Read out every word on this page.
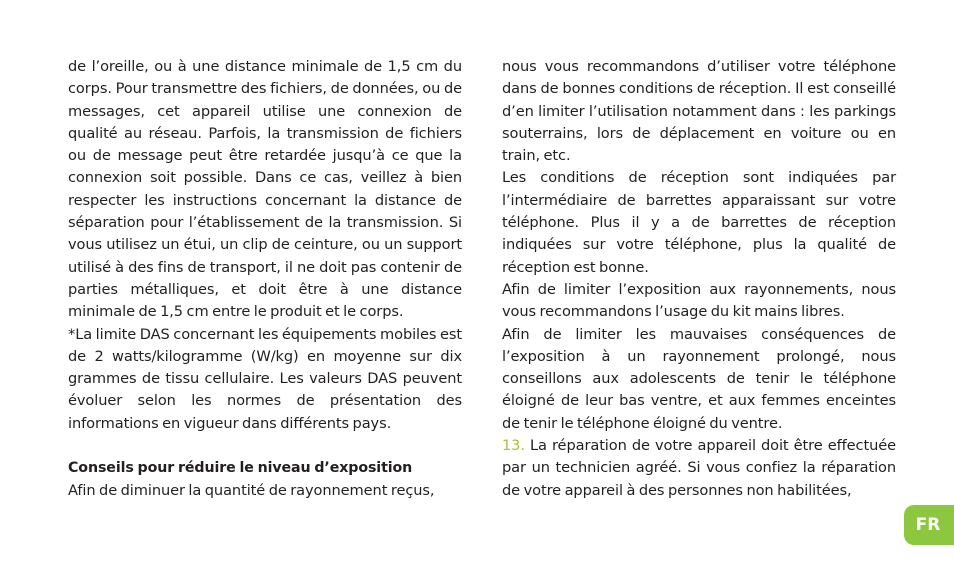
de l’oreille, ou à une distance minimale de 1,5 cm du corps. Pour transmettre des fichiers, de données, ou de messages, cet appareil utilise une connexion de qualité au réseau. Parfois, la transmission de fichiers ou de message peut être retardée jusqu’à ce que la connexion soit possible. Dans ce cas, veillez à bien respecter les instructions concernant la distance de séparation pour l’établissement de la transmission. Si vous utilisez un étui, un clip de ceinture, ou un support utilisé à des fins de transport, il ne doit pas contenir de parties métalliques, et doit être à une distance minimale de 1,5 cm entre le produit et le corps.

*La limite DAS concernant les équipements mobiles est de 2 watts/kilogramme (W/kg) en moyenne sur dix grammes de tissu cellulaire. Les valeurs DAS peuvent évoluer selon les normes de présentation des informations en vigueur dans différents pays.

Conseils pour réduire le niveau d’exposition

Afin de diminuer la quantité de rayonnement reçus,

nous vous recommandons d’utiliser votre téléphone dans de bonnes conditions de réception. Il est conseillé d’en limiter l’utilisation notamment dans : les parkings souterrains, lors de déplacement en voiture ou en train, etc.

Les conditions de réception sont indiquées par l’intermédiaire de barrettes apparaissant sur votre téléphone. Plus il y a de barrettes de réception indiquées sur votre téléphone, plus la qualité de réception est bonne.

Afin de limiter l’exposition aux rayonnements, nous vous recommandons l’usage du kit mains libres.

Afin de limiter les mauvaises conséquences de l’exposition à un rayonnement prolongé, nous conseillons aux adolescents de tenir le téléphone éloigné de leur bas ventre, et aux femmes enceintes de tenir le téléphone éloigné du ventre.

13. La réparation de votre appareil doit être effectuée par un technicien agréé. Si vous confiez la réparation de votre appareil à des personnes non habilitées,

FR
